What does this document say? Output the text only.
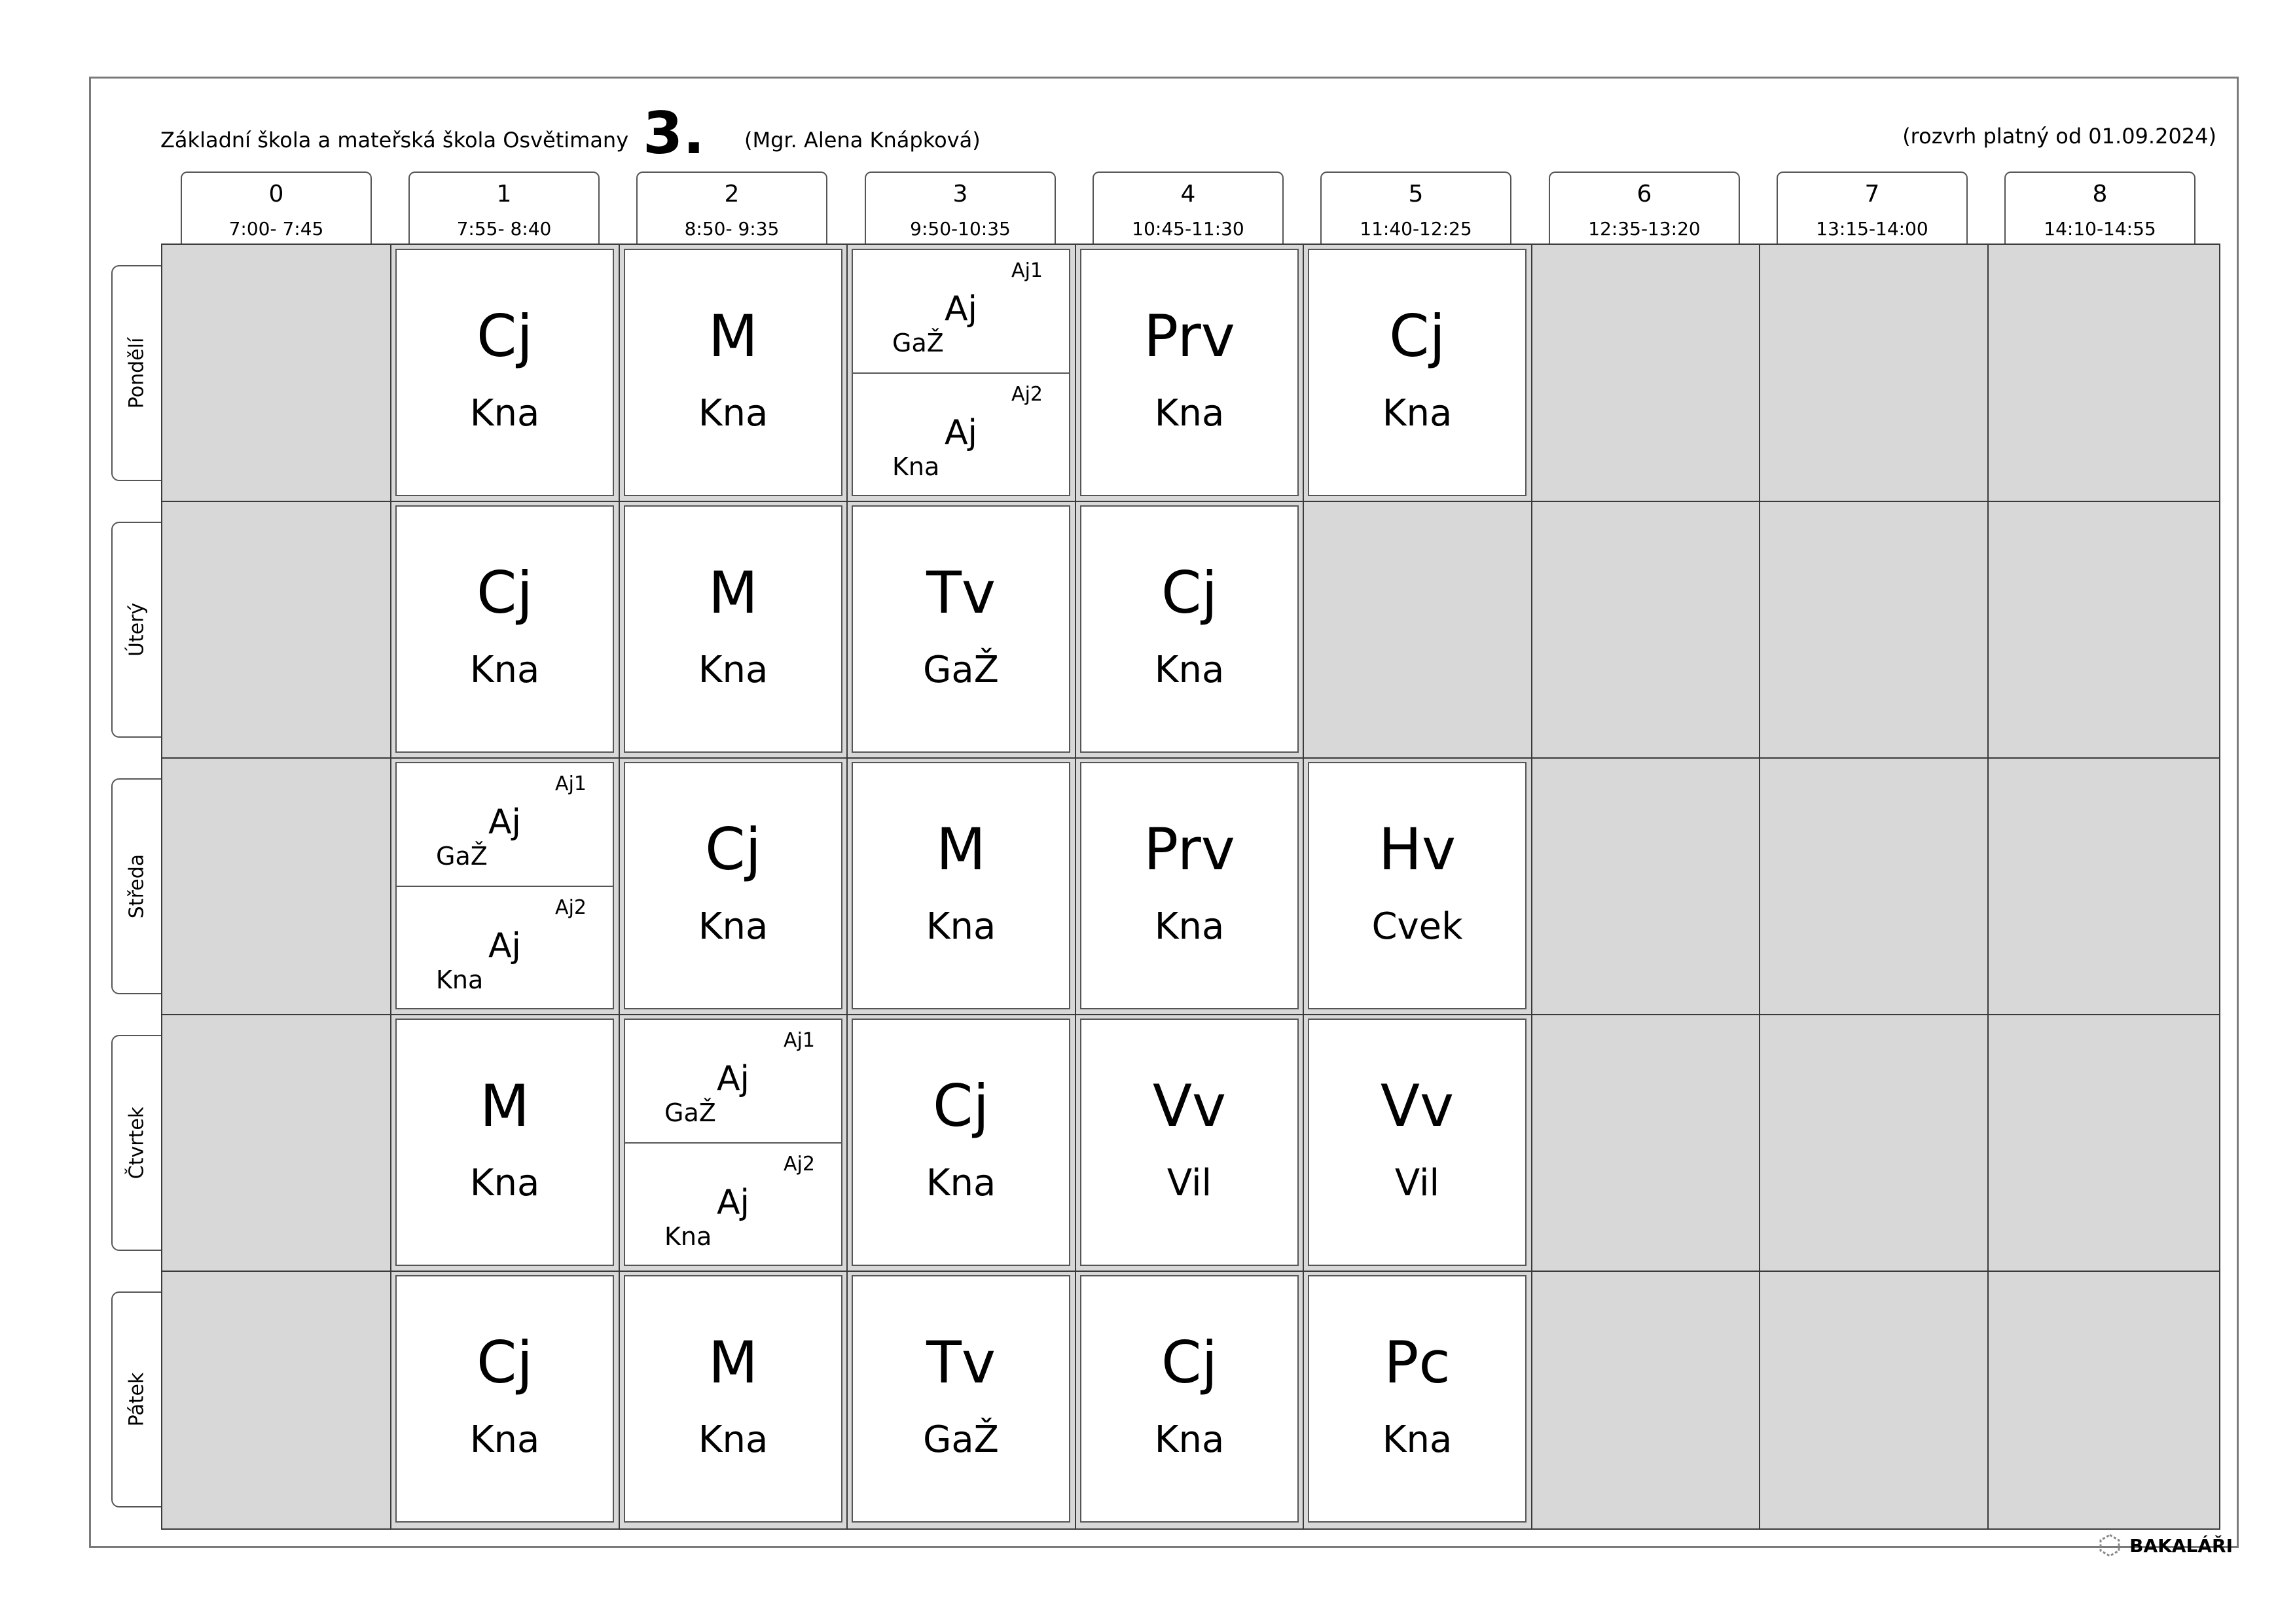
Základní škola a mateřská škola Osvětimany 3. (Mgr. Alena Knápková)	(rozvrh platný od 01.09.2024)
0
7:00- 7:45
1
7:55- 8:40
2
8:50- 9:35
3
9:50-10:35
4
10:45-11:30
5
11:40-12:25
6
12:35-13:20
7
13:15-14:00
8
14:10-14:55
Pondělí
Úterý
Středa
Čtvrtek
Pátek
Cj
Kna
M
Kna
Aj1
Aj
GaŽ
Aj2
Aj
Kna
Prv
Kna
Cj
Kna
Cj
Kna
M
Kna
Tv
GaŽ
Cj
Kna
Aj1
Aj
GaŽ
Aj2
Aj
Kna
Cj
Kna
M
Kna
Prv
Kna
Hv
Cvek
M
Kna
Aj1
Aj
GaŽ
Aj2
Aj
Kna
Cj
Kna
Vv
Vil
Vv
Vil
Cj
Kna
M
Kna
Tv
GaŽ
Cj
Kna
Pc
Kna
BAKALÁŘI
